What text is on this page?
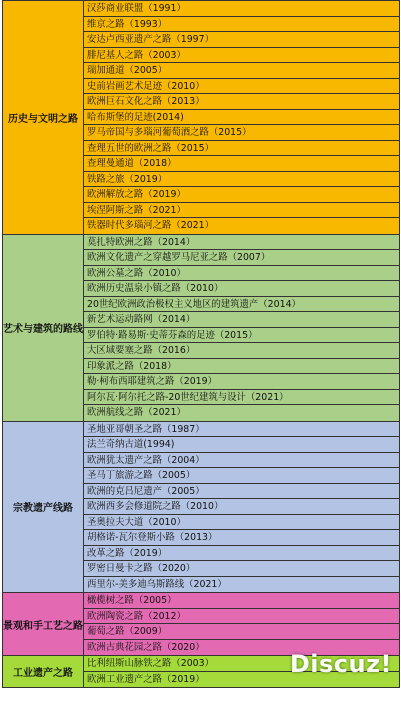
历史与文明之路
汉莎商业联盟（1991）
维京之路（1993）
安达卢西亚遗产之路（1997）
腓尼基人之路（2003）
瑞加通道（2005）
史前岩画艺术足迹（2010）
欧洲巨石文化之路（2013）
哈布斯堡的足迹(2014)
罗马帝国与多瑙河葡萄酒之路（2015）
查理五世的欧洲之路（2015）
查理曼通道（2018）
铁路之旅（2019）
欧洲解放之路（2019）
埃涅阿斯之路（2021）
铁器时代多瑙河之路（2021）
艺术与建筑的路线
莫扎特欧洲之路（2014）
欧洲文化遗产之穿越罗马尼亚之路（2007）
欧洲公墓之路（2010）
欧洲历史温泉小镇之路（2010）
20世纪欧洲政治极权主义地区的建筑遗产（2014）
新艺术运动路网（2014）
罗伯特·路易斯·史蒂芬森的足迹（2015）
大区域要塞之路（2016）
印象派之路（2018）
勒·柯布西耶建筑之路（2019）
阿尔瓦·阿尔托之路-20世纪建筑与设计（2021）
欧洲航线之路（2021）
宗教遗产线路
圣地亚哥朝圣之路（1987）
法兰奇纳古道(1994)
欧洲犹太遗产之路（2004）
圣马丁旅游之路（2005）
欧洲的克吕尼遗产（2005）
欧洲西多会修道院之路（2010）
圣奥拉夫大道（2010）
胡格诺-瓦尔登斯小路（2013）
改革之路（2019）
罗密日曼卡之路（2020）
西里尔-美多迪乌斯路线（2021）
景观和手工艺之路
橄榄树之路（2005）
欧洲陶瓷之路（2012）
葡萄之路（2009）
欧洲古典花园之路（2020）
工业遗产之路
比利纽斯山脉铁之路（2003）
欧洲工业遗产之路（2019）
Discuz!
